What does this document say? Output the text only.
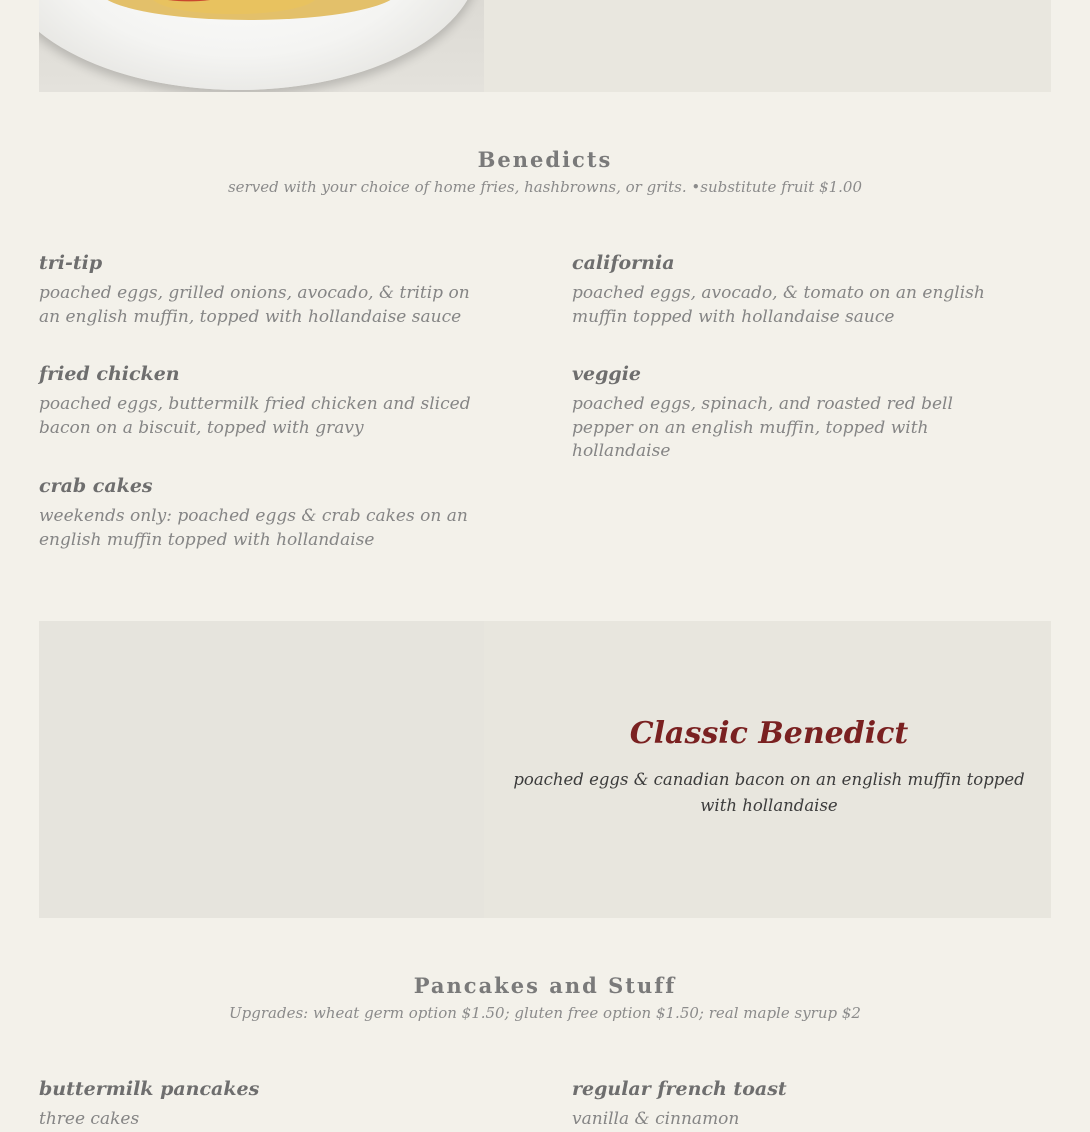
Benedicts
served with your choice of home fries, hashbrowns, or grits. •substitute fruit $1.00
tri-tip
poached eggs, grilled onions, avocado, & tritip on an english muffin, topped with hollandaise sauce
california
poached eggs, avocado, & tomato on an english muffin topped with hollandaise sauce
fried chicken
poached eggs, buttermilk fried chicken and sliced bacon on a biscuit, topped with gravy
veggie
poached eggs, spinach, and roasted red bell pepper on an english muffin, topped with hollandaise
crab cakes
weekends only: poached eggs & crab cakes on an english muffin topped with hollandaise
Classic Benedict
poached eggs & canadian bacon on an english muffin topped with hollandaise
Pancakes and Stuff
Upgrades: wheat germ option $1.50; gluten free option $1.50; real maple syrup $2
buttermilk pancakes
three cakes
regular french toast
vanilla & cinnamon
